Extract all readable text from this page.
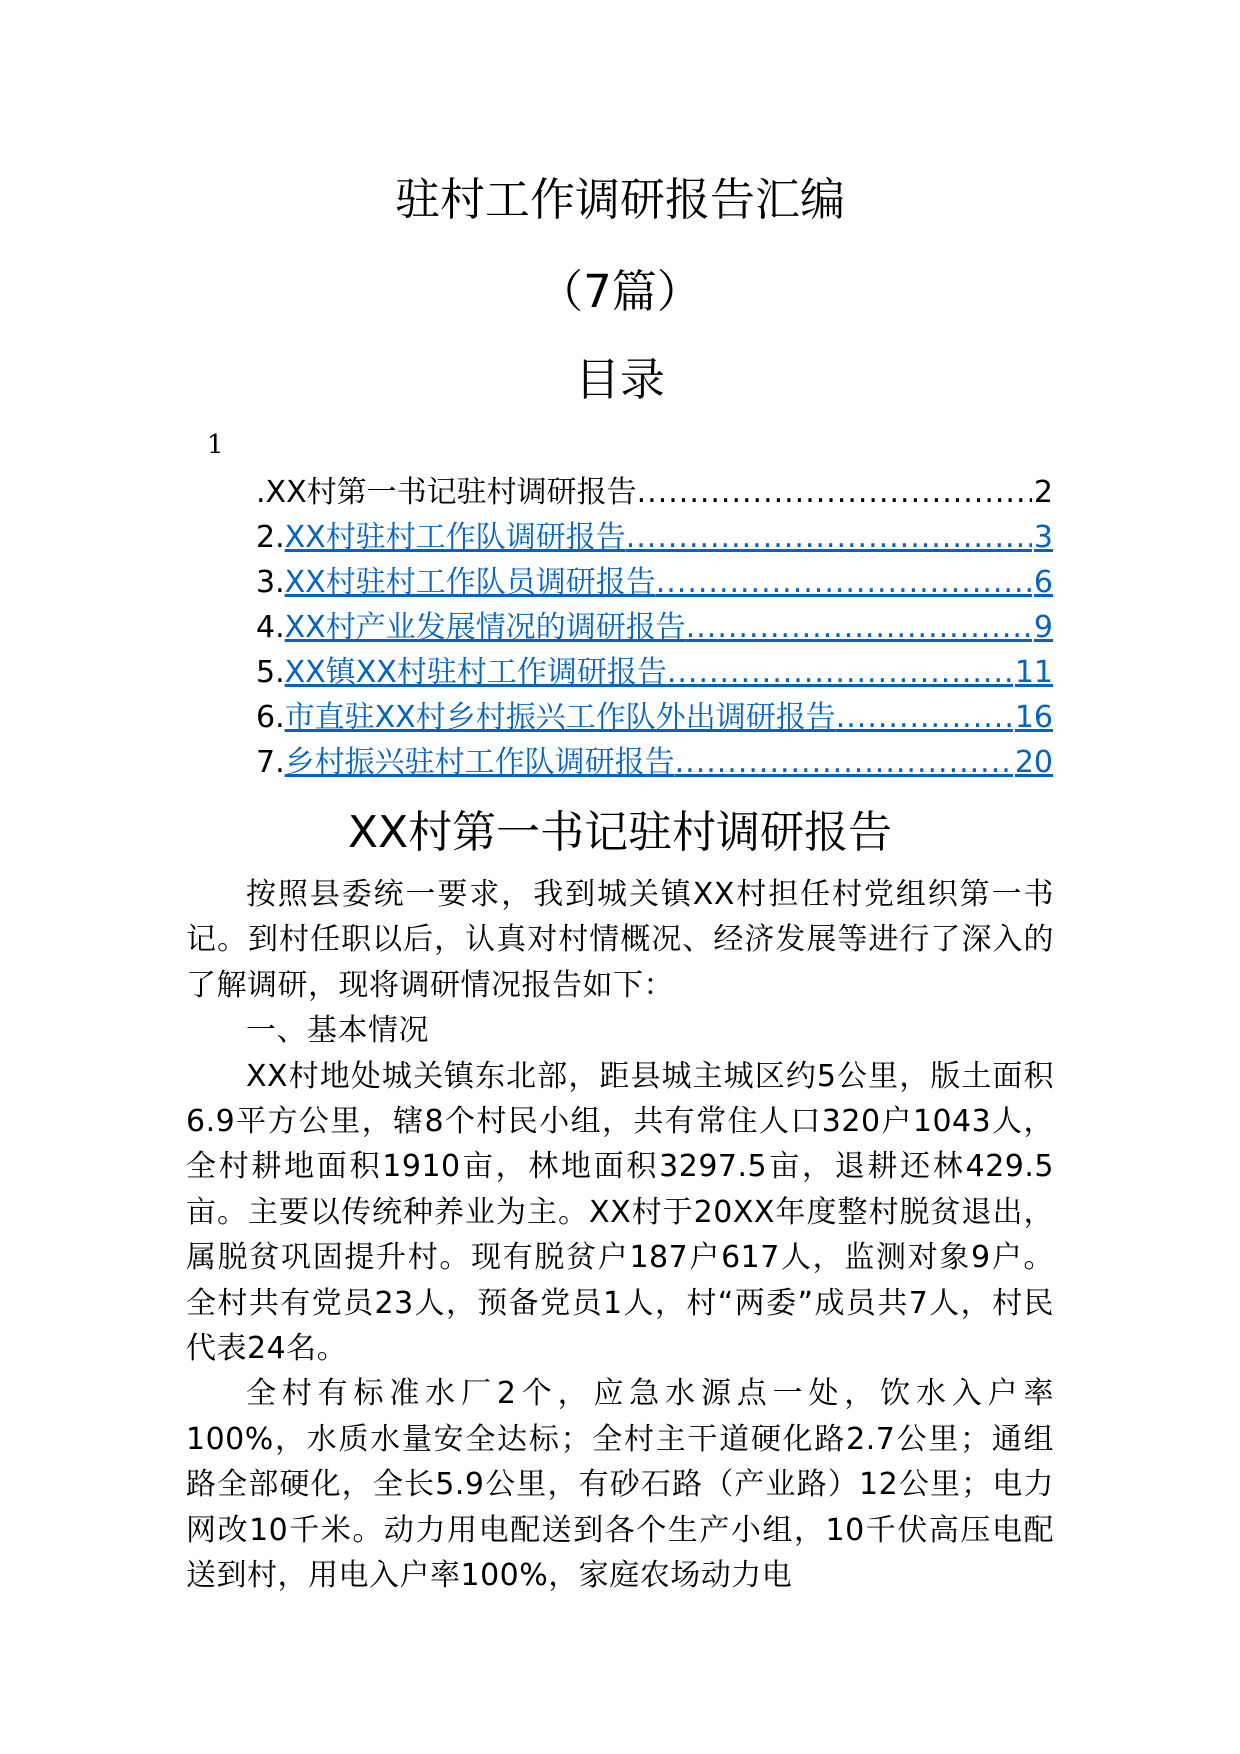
驻村工作调研报告汇编
（7篇）
目录
1
.XX村第一书记驻村调研报告 .....	2
2. XX村驻村工作队调研报告 .....	3
3. XX村驻村工作队员调研报告 .....	6
4. XX村产业发展情况的调研报告 .....	9
5. XX镇XX村驻村工作调研报告 .....	11
6. 市直驻XX村乡村振兴工作队外出调研报告 .....	16
7. 乡村振兴驻村工作队调研报告 .....	20
XX村第一书记驻村调研报告

按照县委统一要求，我到城关镇XX村担任村党组织第一书记。到村任职以后，认真对村情概况、经济发展等进行了深入的了解调研，现将调研情况报告如下：

一、基本情况

XX村地处城关镇东北部，距县城主城区约5公里，版土面积6.9平方公里，辖8个村民小组，共有常住人口320户1043人，全村耕地面积1910亩，林地面积3297.5亩，退耕还林429.5亩。主要以传统种养业为主。XX村于20XX年度整村脱贫退出，属脱贫巩固提升村。现有脱贫户187户617人，监测对象9户。全村共有党员23人，预备党员1人，村“两委”成员共7人，村民代表24名。

全村有标准水厂2个，应急水源点一处，饮水入户率100%，水质水量安全达标；全村主干道硬化路2.7公里；通组路全部硬化，全长5.9公里，有砂石路（产业路）12公里；电力网改10千米。动力用电配送到各个生产小组，10千伏高压电配送到村，用电入户率100%，家庭农场动力电
